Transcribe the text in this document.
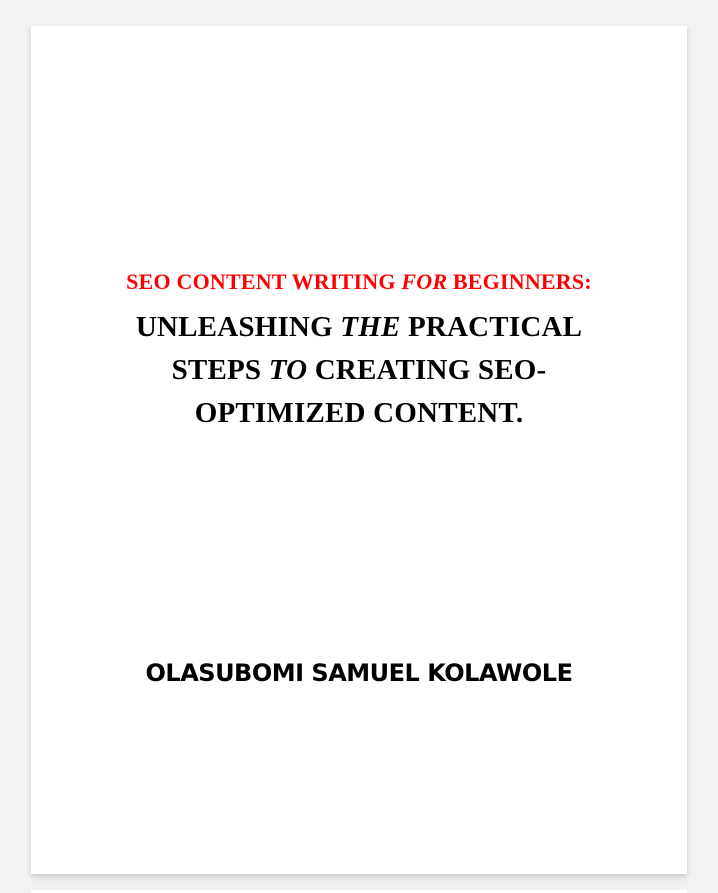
SEO CONTENT WRITING FOR BEGINNERS:
UNLEASHING THE PRACTICAL
STEPS TO CREATING SEO-
OPTIMIZED CONTENT.
OLASUBOMI SAMUEL KOLAWOLE
